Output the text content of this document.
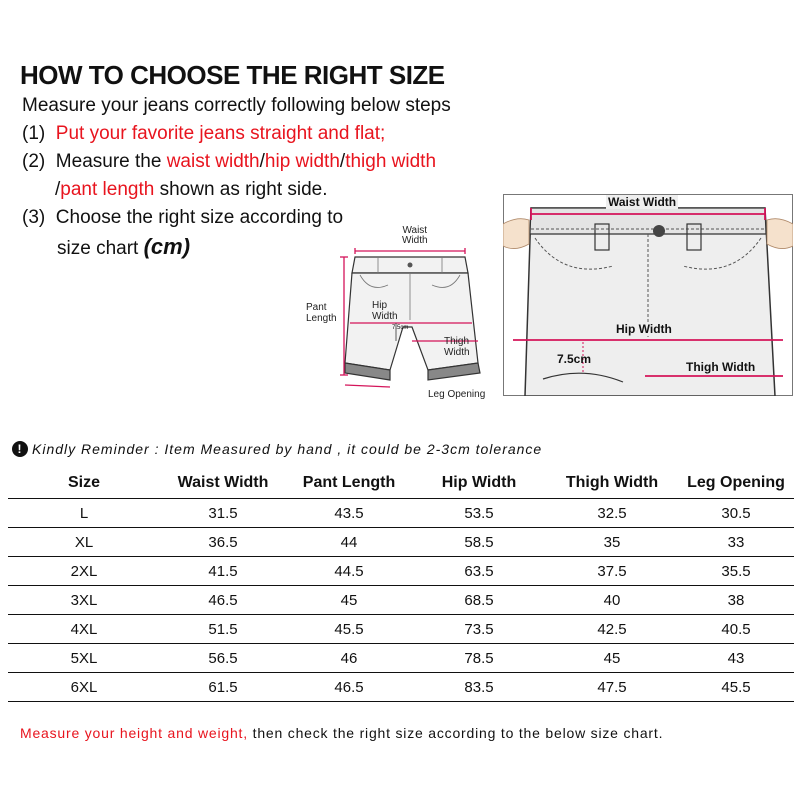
HOW TO CHOOSE THE RIGHT SIZE
Measure your jeans correctly following below steps
(1) Put your favorite jeans straight and flat;
(2) Measure the waist width/hip width/thigh width
/pant length shown as right side.
(3) Choose the right size according to
size chart (cm)
Waist
Width
Hip
Width
Pant
Length
7.5cm
Thigh
Width
Leg Opening
Waist Width
Hip Width
7.5cm
Thigh Width
! Kindly Reminder : Item Measured by hand , it could be 2-3cm tolerance
Size	Waist Width	Pant Length	Hip Width	Thigh Width	Leg Opening
L	31.5	43.5	53.5	32.5	30.5
XL	36.5	44	58.5	35	33
2XL	41.5	44.5	63.5	37.5	35.5
3XL	46.5	45	68.5	40	38
4XL	51.5	45.5	73.5	42.5	40.5
5XL	56.5	46	78.5	45	43
6XL	61.5	46.5	83.5	47.5	45.5
Measure your height and weight, then check the right size according to the below size chart.
